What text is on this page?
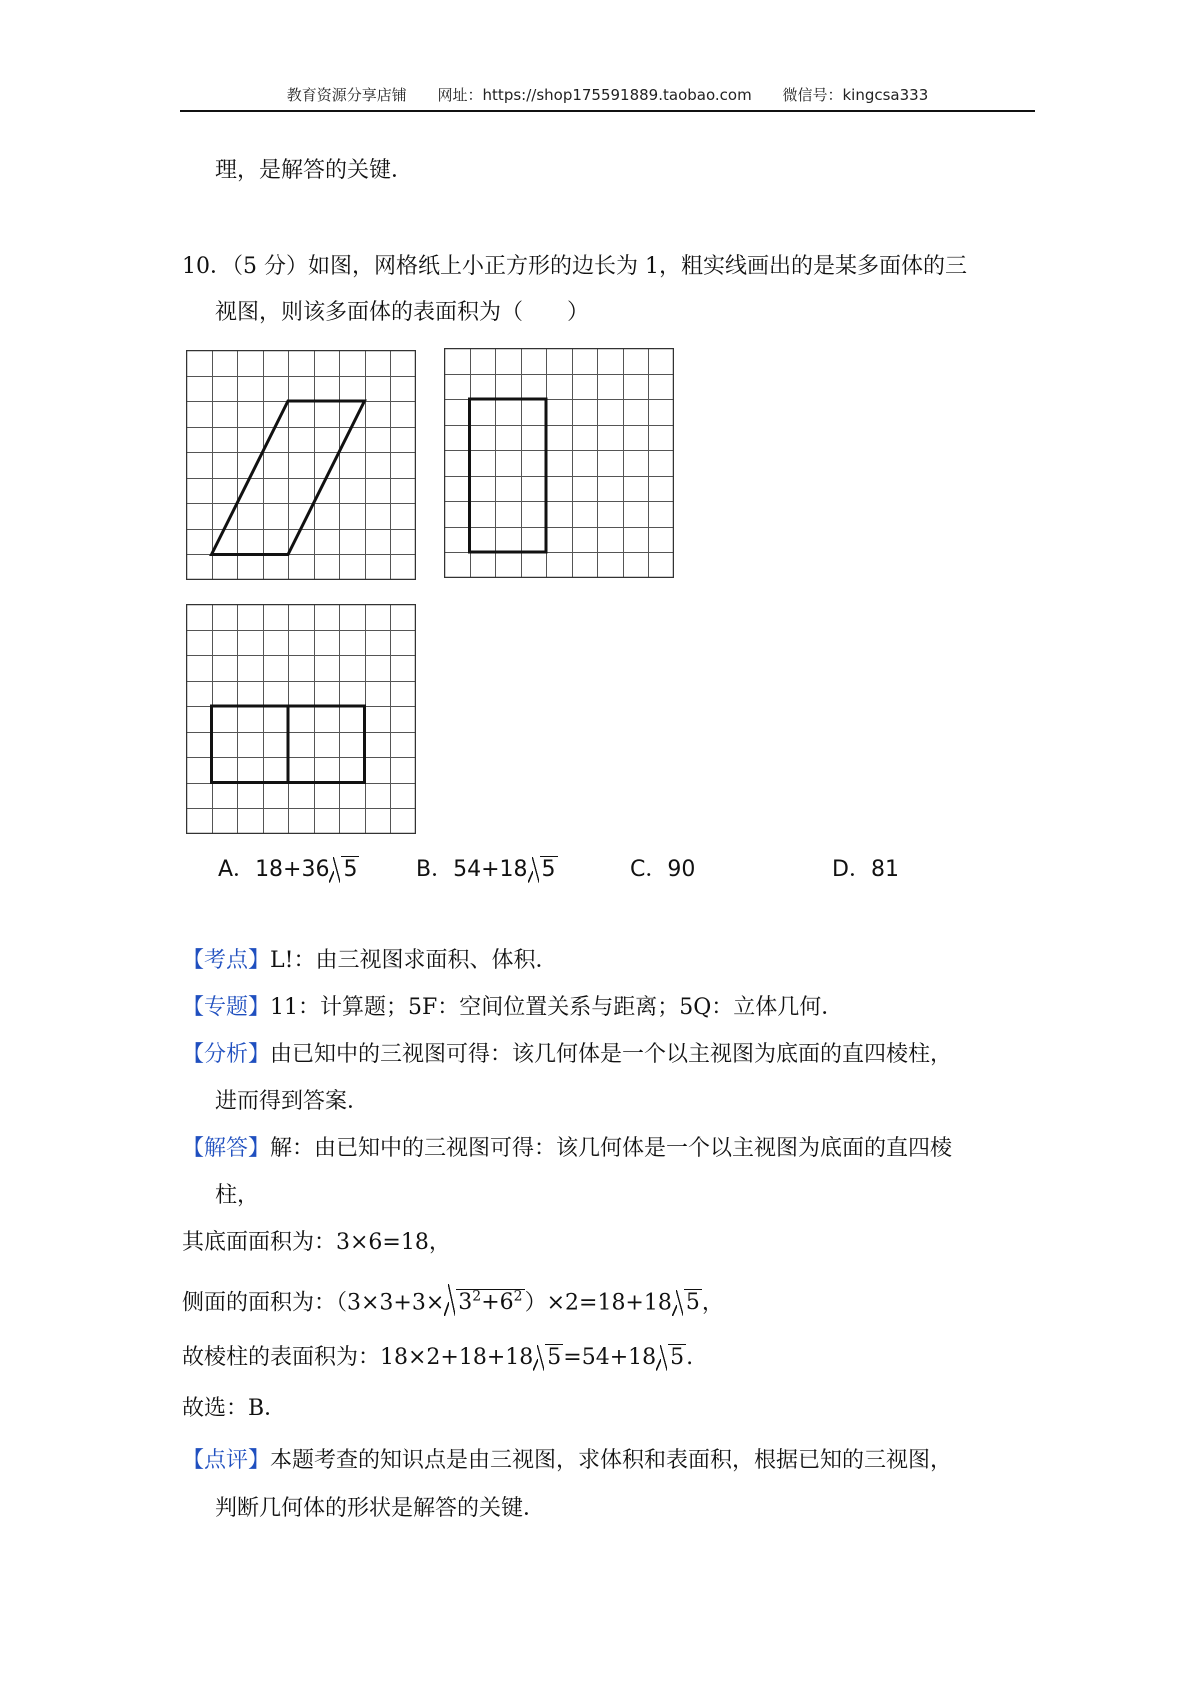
教育资源分享店铺 网址：https://shop175591889.taobao.com 微信号：kingcsa333
理，是解答的关键．
10．（5 分）如图，网格纸上小正方形的边长为 1，粗实线画出的是某多面体的三
视图，则该多面体的表面积为（　　）
A．18+36 5	B．54+18 5	C．90	D．81
【考点】L!：由三视图求面积、体积．
【专题】11：计算题；5F：空间位置关系与距离；5Q：立体几何．
【分析】由已知中的三视图可得：该几何体是一个以主视图为底面的直四棱柱，
进而得到答案．
【解答】解：由已知中的三视图可得：该几何体是一个以主视图为底面的直四棱
柱，
其底面面积为：3×6=18，
侧面的面积为：$(3\times 3+3\times 3^2+6^2)\times 2=18+18$ 5，
故棱柱的表面积为：18×2+18+18 5=54+18 5.
故选：B．
【点评】本题考查的知识点是由三视图，求体积和表面积，根据已知的三视图，
判断几何体的形状是解答的关键．
